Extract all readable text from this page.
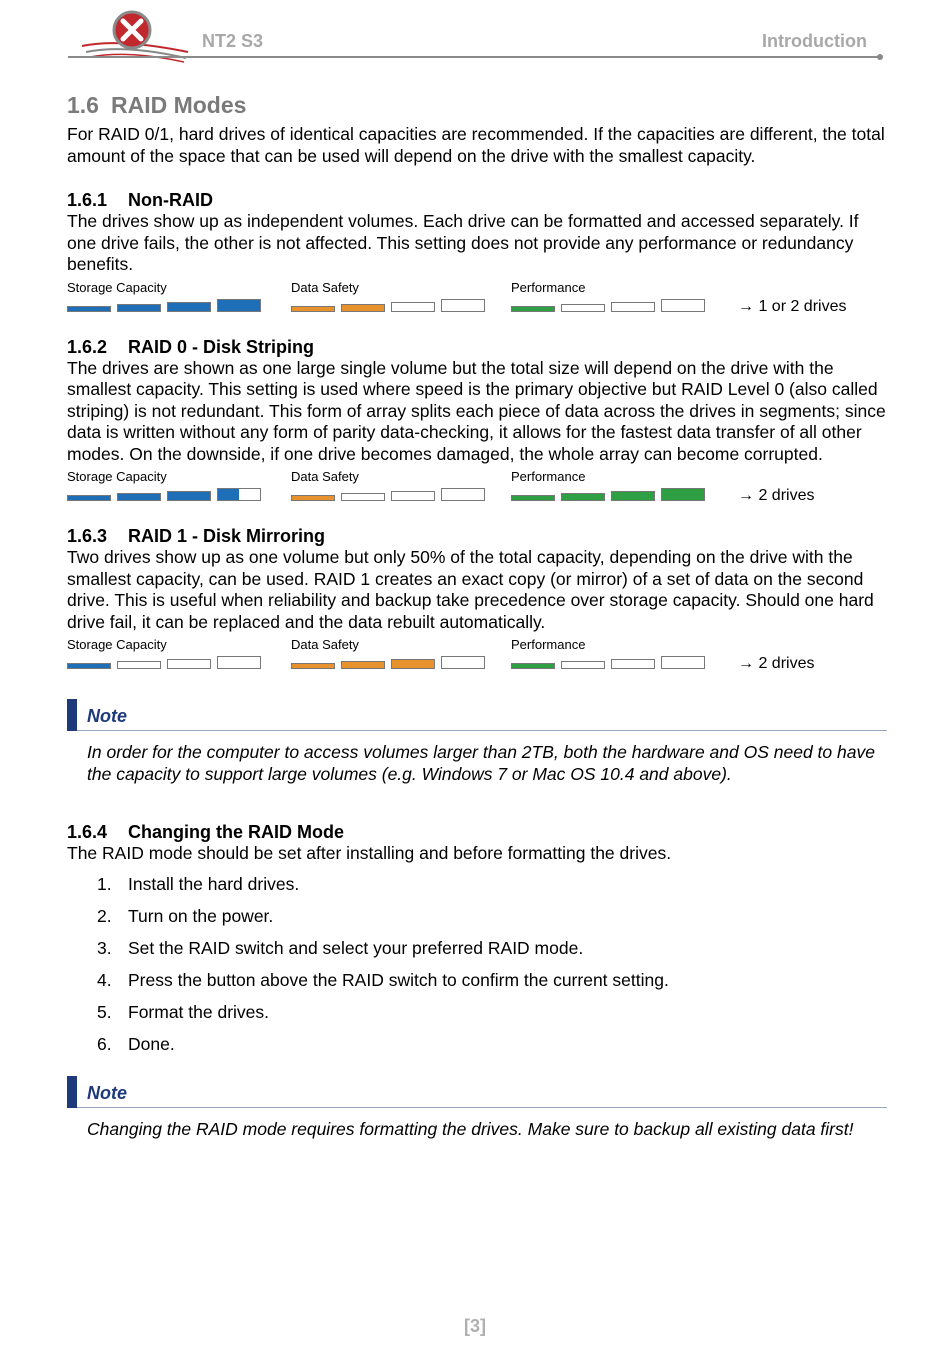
NT2 S3	Introduction
1.6 RAID Modes

For RAID 0/1, hard drives of identical capacities are recommended. If the capacities are different, the total amount of the space that can be used will depend on the drive with the smallest capacity.

1.6.1 Non-RAID

The drives show up as independent volumes. Each drive can be formatted and accessed separately. If one drive fails, the other is not affected. This setting does not provide any performance or redundancy benefits.

Storage Capacity	Data Safety	Performance
→ 1 or 2 drives
1.6.2 RAID 0 - Disk Striping

The drives are shown as one large single volume but the total size will depend on the drive with the smallest capacity. This setting is used where speed is the primary objective but RAID Level 0 (also called striping) is not redundant. This form of array splits each piece of data across the drives in segments; since data is written without any form of parity data-checking, it allows for the fastest data transfer of all other modes. On the downside, if one drive becomes damaged, the whole array can become corrupted.

Storage Capacity	Data Safety	Performance
→ 2 drives
1.6.3 RAID 1 - Disk Mirroring

Two drives show up as one volume but only 50% of the total capacity, depending on the drive with the smallest capacity, can be used. RAID 1 creates an exact copy (or mirror) of a set of data on the second drive. This is useful when reliability and backup take precedence over storage capacity. Should one hard drive fail, it can be replaced and the data rebuilt automatically.

Storage Capacity	Data Safety	Performance
→ 2 drives
Note

In order for the computer to access volumes larger than 2TB, both the hardware and OS need to have the capacity to support large volumes (e.g. Windows 7 or Mac OS 10.4 and above).

1.6.4 Changing the RAID Mode

The RAID mode should be set after installing and before formatting the drives.

1. Install the hard drives.
2. Turn on the power.
3. Set the RAID switch and select your preferred RAID mode.
4. Press the button above the RAID switch to confirm the current setting.
5. Format the drives.
6. Done.
Note

Changing the RAID mode requires formatting the drives. Make sure to backup all existing data first!

[3]
